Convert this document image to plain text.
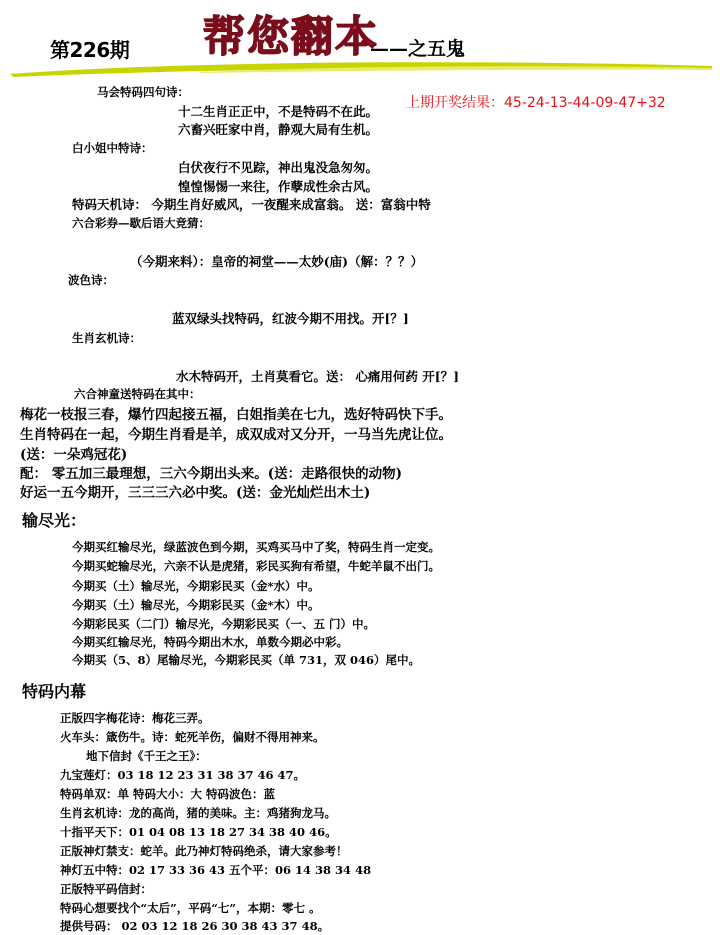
第226期 帮您翻本
——之五鬼
上期开奖结果：45-24-13-44-09-47+32
马会特码四句诗：
十二生肖正正中，不是特码不在此。
六畜兴旺家中肖，静观大局有生机。
白小姐中特诗：
白伏夜行不见踪，神出鬼没急匆匆。
惶惶惕惕一来往，作孽成性余古风。
特码天机诗： 今期生肖好威风，一夜醒来成富翁。 送：富翁中特
六合彩券—歇后语大竞猜：
（今期来料）：皇帝的祠堂——太妙(庙)（解：？？）
波色诗：
蓝双绿头找特码，红波今期不用找。开[？]
生肖玄机诗：
水木特码开，土肖莫看它。送： 心痛用何药 开[？]
六合神童送特码在其中：
梅花一枝报三春，爆竹四起接五福，白姐指美在七九，选好特码快下手。
生肖特码在一起，今期生肖看是羊，成双成对又分开，一马当先虎让位。
(送：一朵鸡冠花)
配： 零五加三最理想，三六今期出头来。(送：走路很快的动物)
好运一五今期开，三三三六必中奖。(送：金光灿烂出木土)
输尽光：
今期买红输尽光，绿蓝波色到今期，买鸡买马中了奖，特码生肖一定变。
今期买蛇输尽光，六亲不认是虎猪，彩民买狗有希望，牛蛇羊鼠不出门。
今期买（土）输尽光，今期彩民买（金*水）中。
今期买（土）输尽光，今期彩民买（金*木）中。
今期彩民买（二门）输尽光，今期彩民买（一、五 门）中。
今期买红输尽光，特码今期出木水，单数今期必中彩。
今期买（5、8）尾输尽光，今期彩民买（单 731，双 046）尾中。
特码内幕
正版四字梅花诗：梅花三弄。
火车头：箴伤牛。诗：蛇死羊伤，偏财不得用神来。
地下信封《千王之王》：
九宝莲灯：03 18 12 23 31 38 37 46 47。
特码单双：单 特码大小：大 特码波色：蓝
生肖玄机诗：龙的高尚，猪的美味。主：鸡猪狗龙马。
十指平天下：01 04 08 13 18 27 34 38 40 46。
正版神灯禁支：蛇羊。此乃神灯特码绝杀，请大家参考！
神灯五中特：02 17 33 36 43 五个平：06 14 38 34 48
正版特平码信封：
特码心想要找个“太后”，平码“七”，本期：零七 。
提供号码： 02 03 12 18 26 30 38 43 37 48。
